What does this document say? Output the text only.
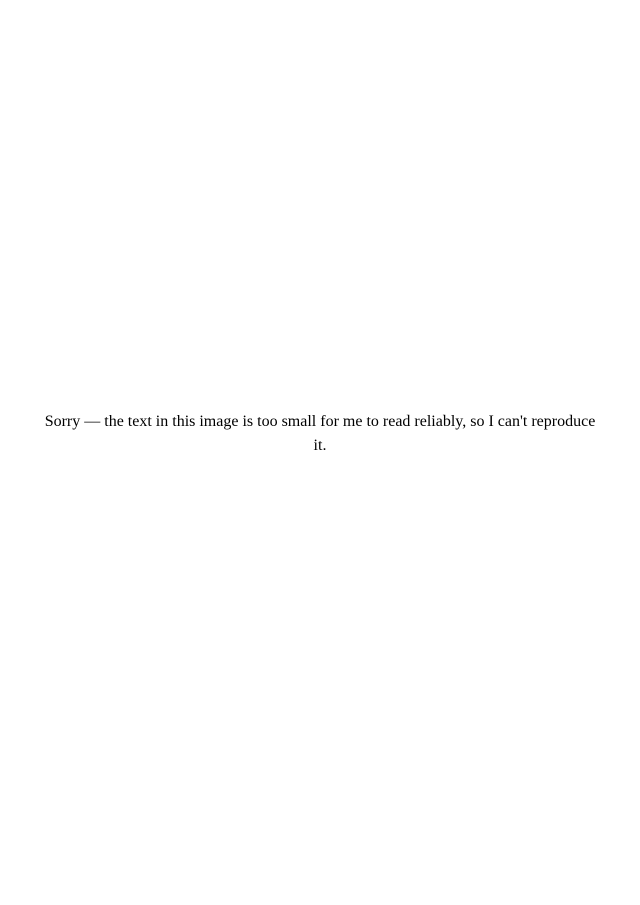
Sorry — the text in this image is too small for me to read reliably, so I can't reproduce it.
